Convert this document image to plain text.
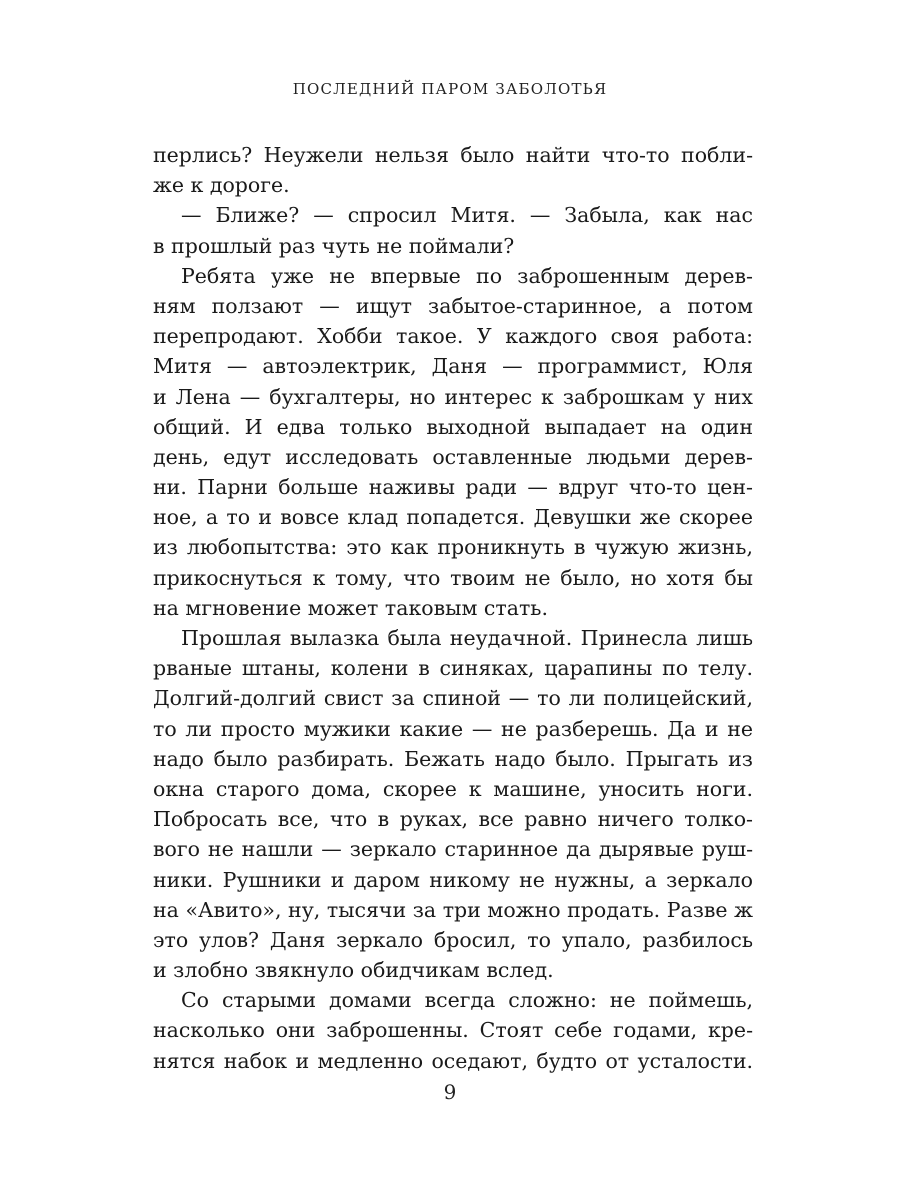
ПОСЛЕДНИЙ ПАРОМ ЗАБОЛОТЬЯ

перлись? Неужели нельзя было найти что-то побли-
же к дороге.
— Ближе? — спросил Митя. — Забыла, как нас
в прошлый раз чуть не поймали?
Ребята уже не впервые по заброшенным дерев-
ням ползают — ищут забытое-старинное, а потом
перепродают. Хобби такое. У каждого своя работа:
Митя — автоэлектрик, Даня — программист, Юля
и Лена — бухгалтеры, но интерес к заброшкам у них
общий. И едва только выходной выпадает на один
день, едут исследовать оставленные людьми дерев-
ни. Парни больше наживы ради — вдруг что-то цен-
ное, а то и вовсе клад попадется. Девушки же скорее
из любопытства: это как проникнуть в чужую жизнь,
прикоснуться к тому, что твоим не было, но хотя бы
на мгновение может таковым стать.
Прошлая вылазка была неудачной. Принесла лишь
рваные штаны, колени в синяках, царапины по телу.
Долгий-долгий свист за спиной — то ли полицейский,
то ли просто мужики какие — не разберешь. Да и не
надо было разбирать. Бежать надо было. Прыгать из
окна старого дома, скорее к машине, уносить ноги.
Побросать все, что в руках, все равно ничего толко-
вого не нашли — зеркало старинное да дырявые руш-
ники. Рушники и даром никому не нужны, а зеркало
на «Авито», ну, тысячи за три можно продать. Разве ж
это улов? Даня зеркало бросил, то упало, разбилось
и злобно звякнуло обидчикам вслед.
Со старыми домами всегда сложно: не поймешь,
насколько они заброшенны. Стоят себе годами, кре-
нятся набок и медленно оседают, будто от усталости.

9
